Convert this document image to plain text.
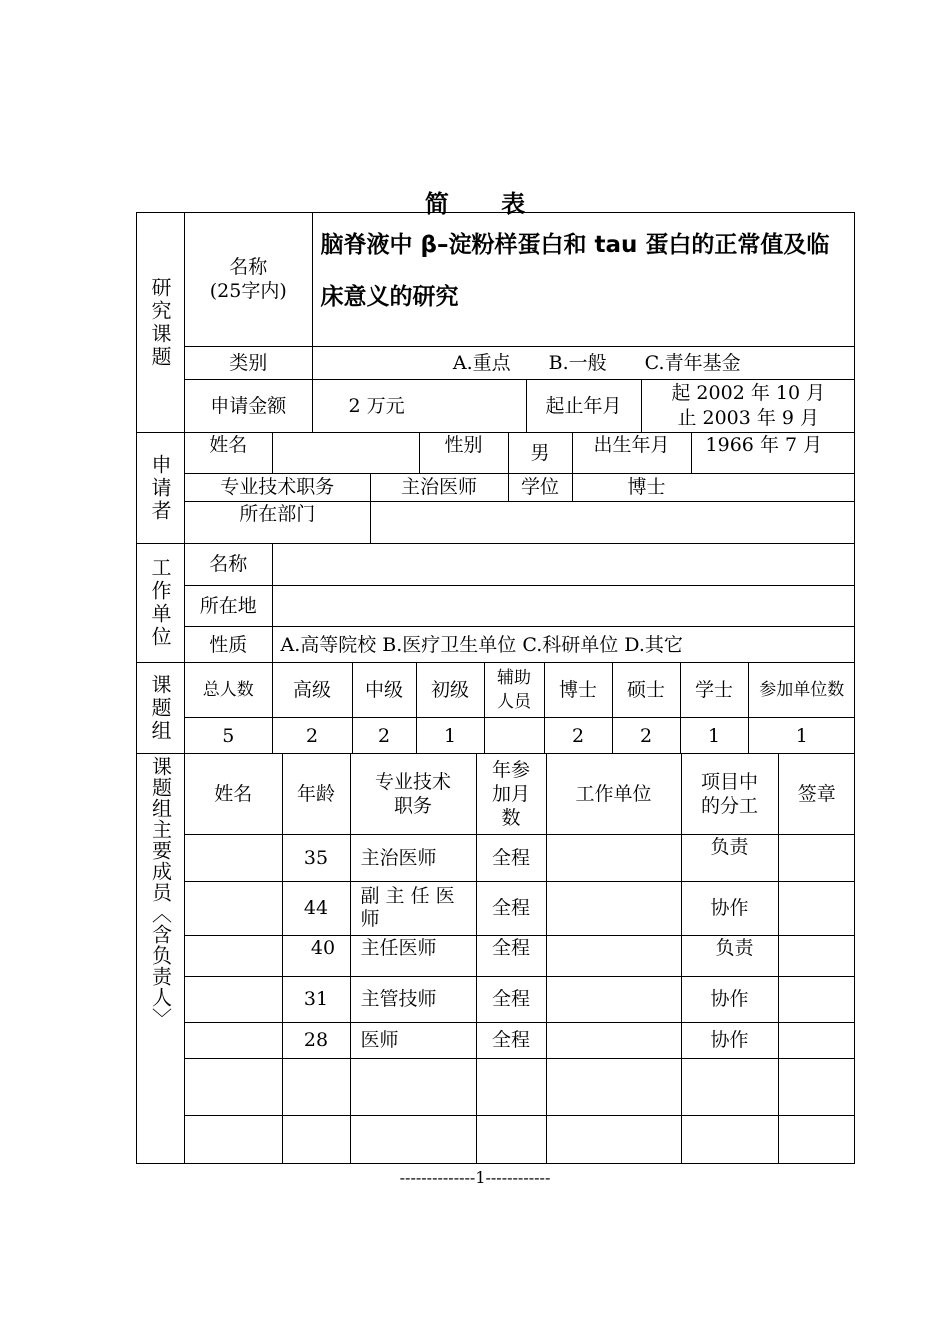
简 表
研究课题
名称
(25字内)	脑脊液中 β–淀粉样蛋白和 tau 蛋白的正常值及临床意义的研究		
类别	A.重点　　B.一般　　C.青年基金		
申请金额	2 万元	起止年月	起 2002 年 10 月
止 2003 年 9 月
申请者
姓名			性别	男	出生年月	1966 年 7 月
专业技术职务		主治医师		学位	博士	
所在部门						
工作单位 名称	
所在地	
性质	A.高等院校 B.医疗卫生单位 C.科研单位 D.其它
课题组 总人数	高级	中级	初级	辅助人员	博士	硕士	学士	参加单位数
5	2	2	1		2	2	1	1
课题组主要成员︿含负责人﹀ 姓名	年龄	专业技术职务	年参加月数	工作单位	项目中的分工	签章
	35	主治医师	全程		负责	
	44	副 主 任 医 师	全程		协作	
	40	主任医师	全程		负责	
	31	主管技师	全程		协作	
	28	医师	全程		协作	

--------------1------------
